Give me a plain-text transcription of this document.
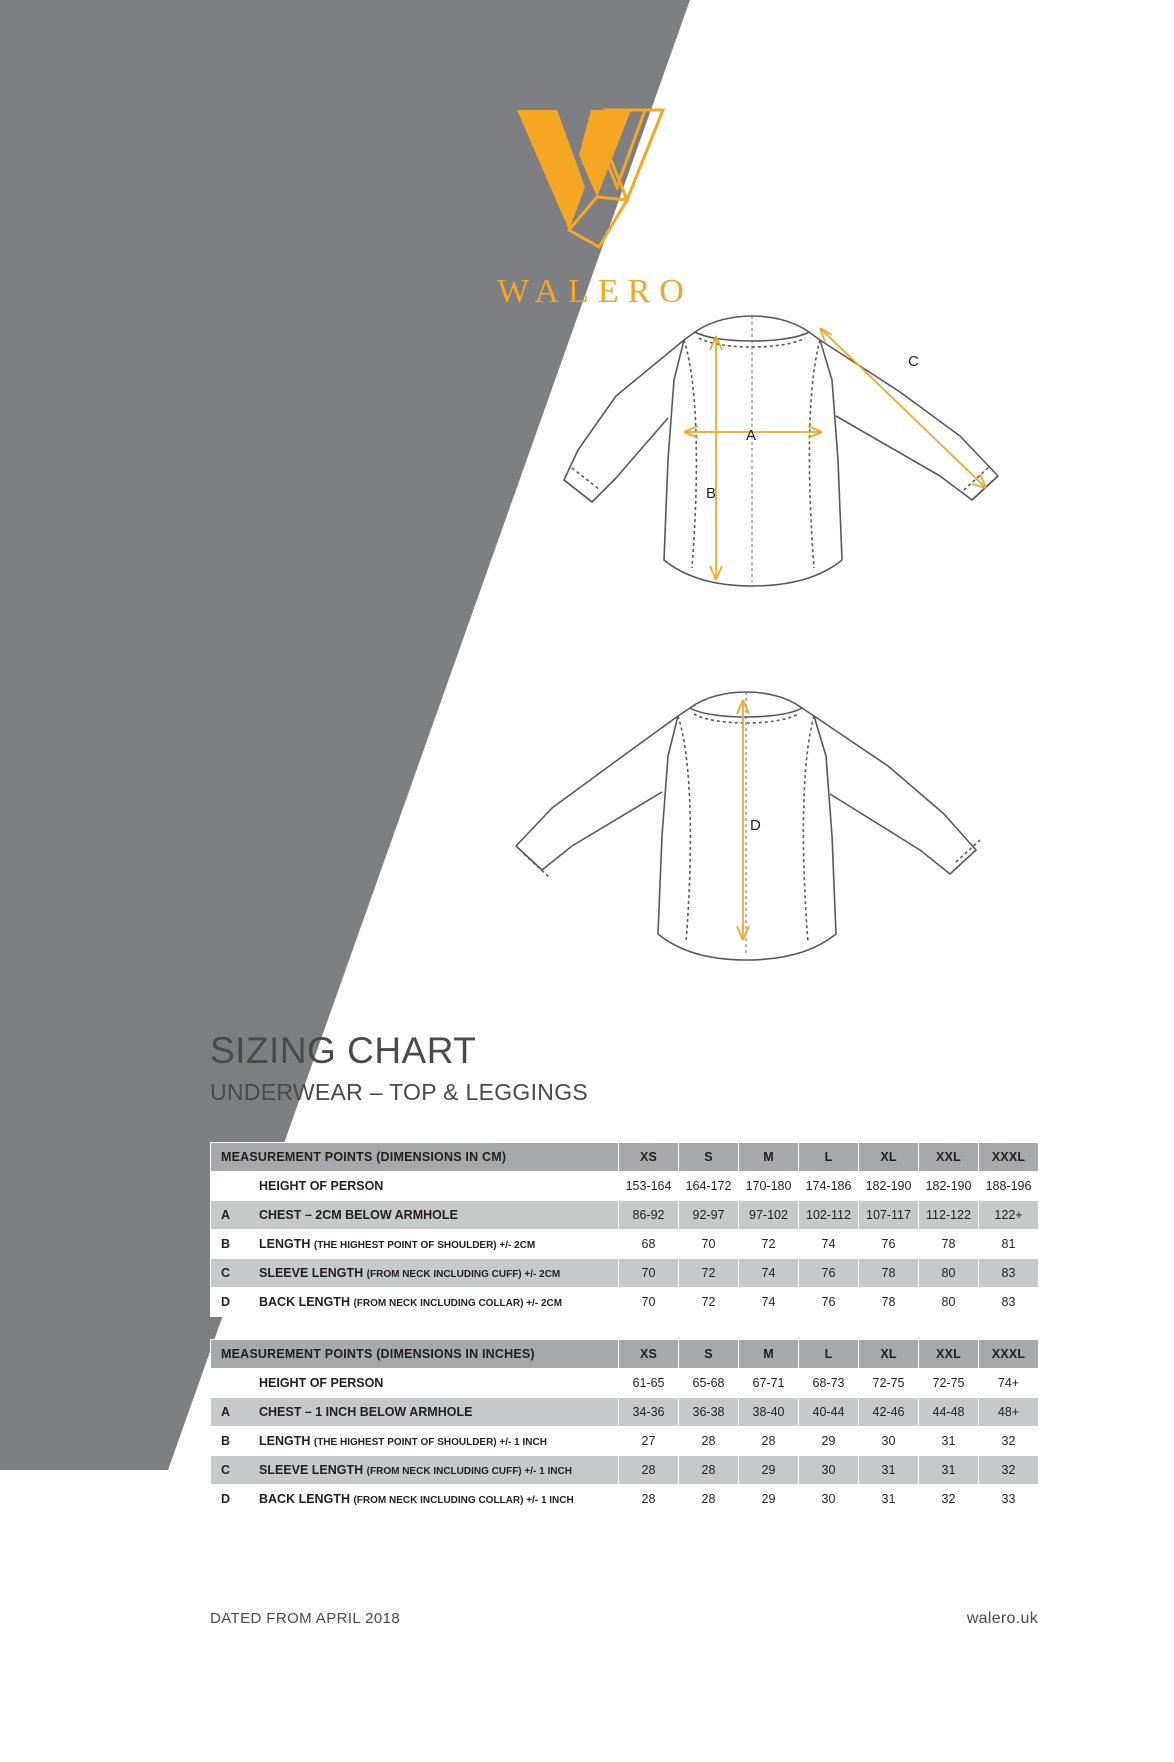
WALERO
C
A
B
D
SIZING CHART
UNDERWEAR – TOP & LEGGINGS
MEASUREMENT POINTS (DIMENSIONS IN CM)	XS	S	M	L	XL	XXL	XXXL
HEIGHT OF PERSON	153-164	164-172	170-180	174-186	182-190	182-190	188-196
A CHEST – 2CM BELOW ARMHOLE	86-92	92-97	97-102	102-112	107-117	112-122	122+
B LENGTH (THE HIGHEST POINT OF SHOULDER) +/- 2CM	68	70	72	74	76	78	81
C SLEEVE LENGTH (FROM NECK INCLUDING CUFF) +/- 2CM	70	72	74	76	78	80	83
D BACK LENGTH (FROM NECK INCLUDING COLLAR) +/- 2CM	70	72	74	76	78	80	83
MEASUREMENT POINTS (DIMENSIONS IN INCHES)	XS	S	M	L	XL	XXL	XXXL
HEIGHT OF PERSON	61-65	65-68	67-71	68-73	72-75	72-75	74+
A CHEST – 1 INCH BELOW ARMHOLE	34-36	36-38	38-40	40-44	42-46	44-48	48+
B LENGTH (THE HIGHEST POINT OF SHOULDER) +/- 1 INCH	27	28	28	29	30	31	32
C SLEEVE LENGTH (FROM NECK INCLUDING CUFF) +/- 1 INCH	28	28	29	30	31	31	32
D BACK LENGTH (FROM NECK INCLUDING COLLAR) +/- 1 INCH	28	28	29	30	31	32	33
DATED FROM APRIL 2018	walero.uk
